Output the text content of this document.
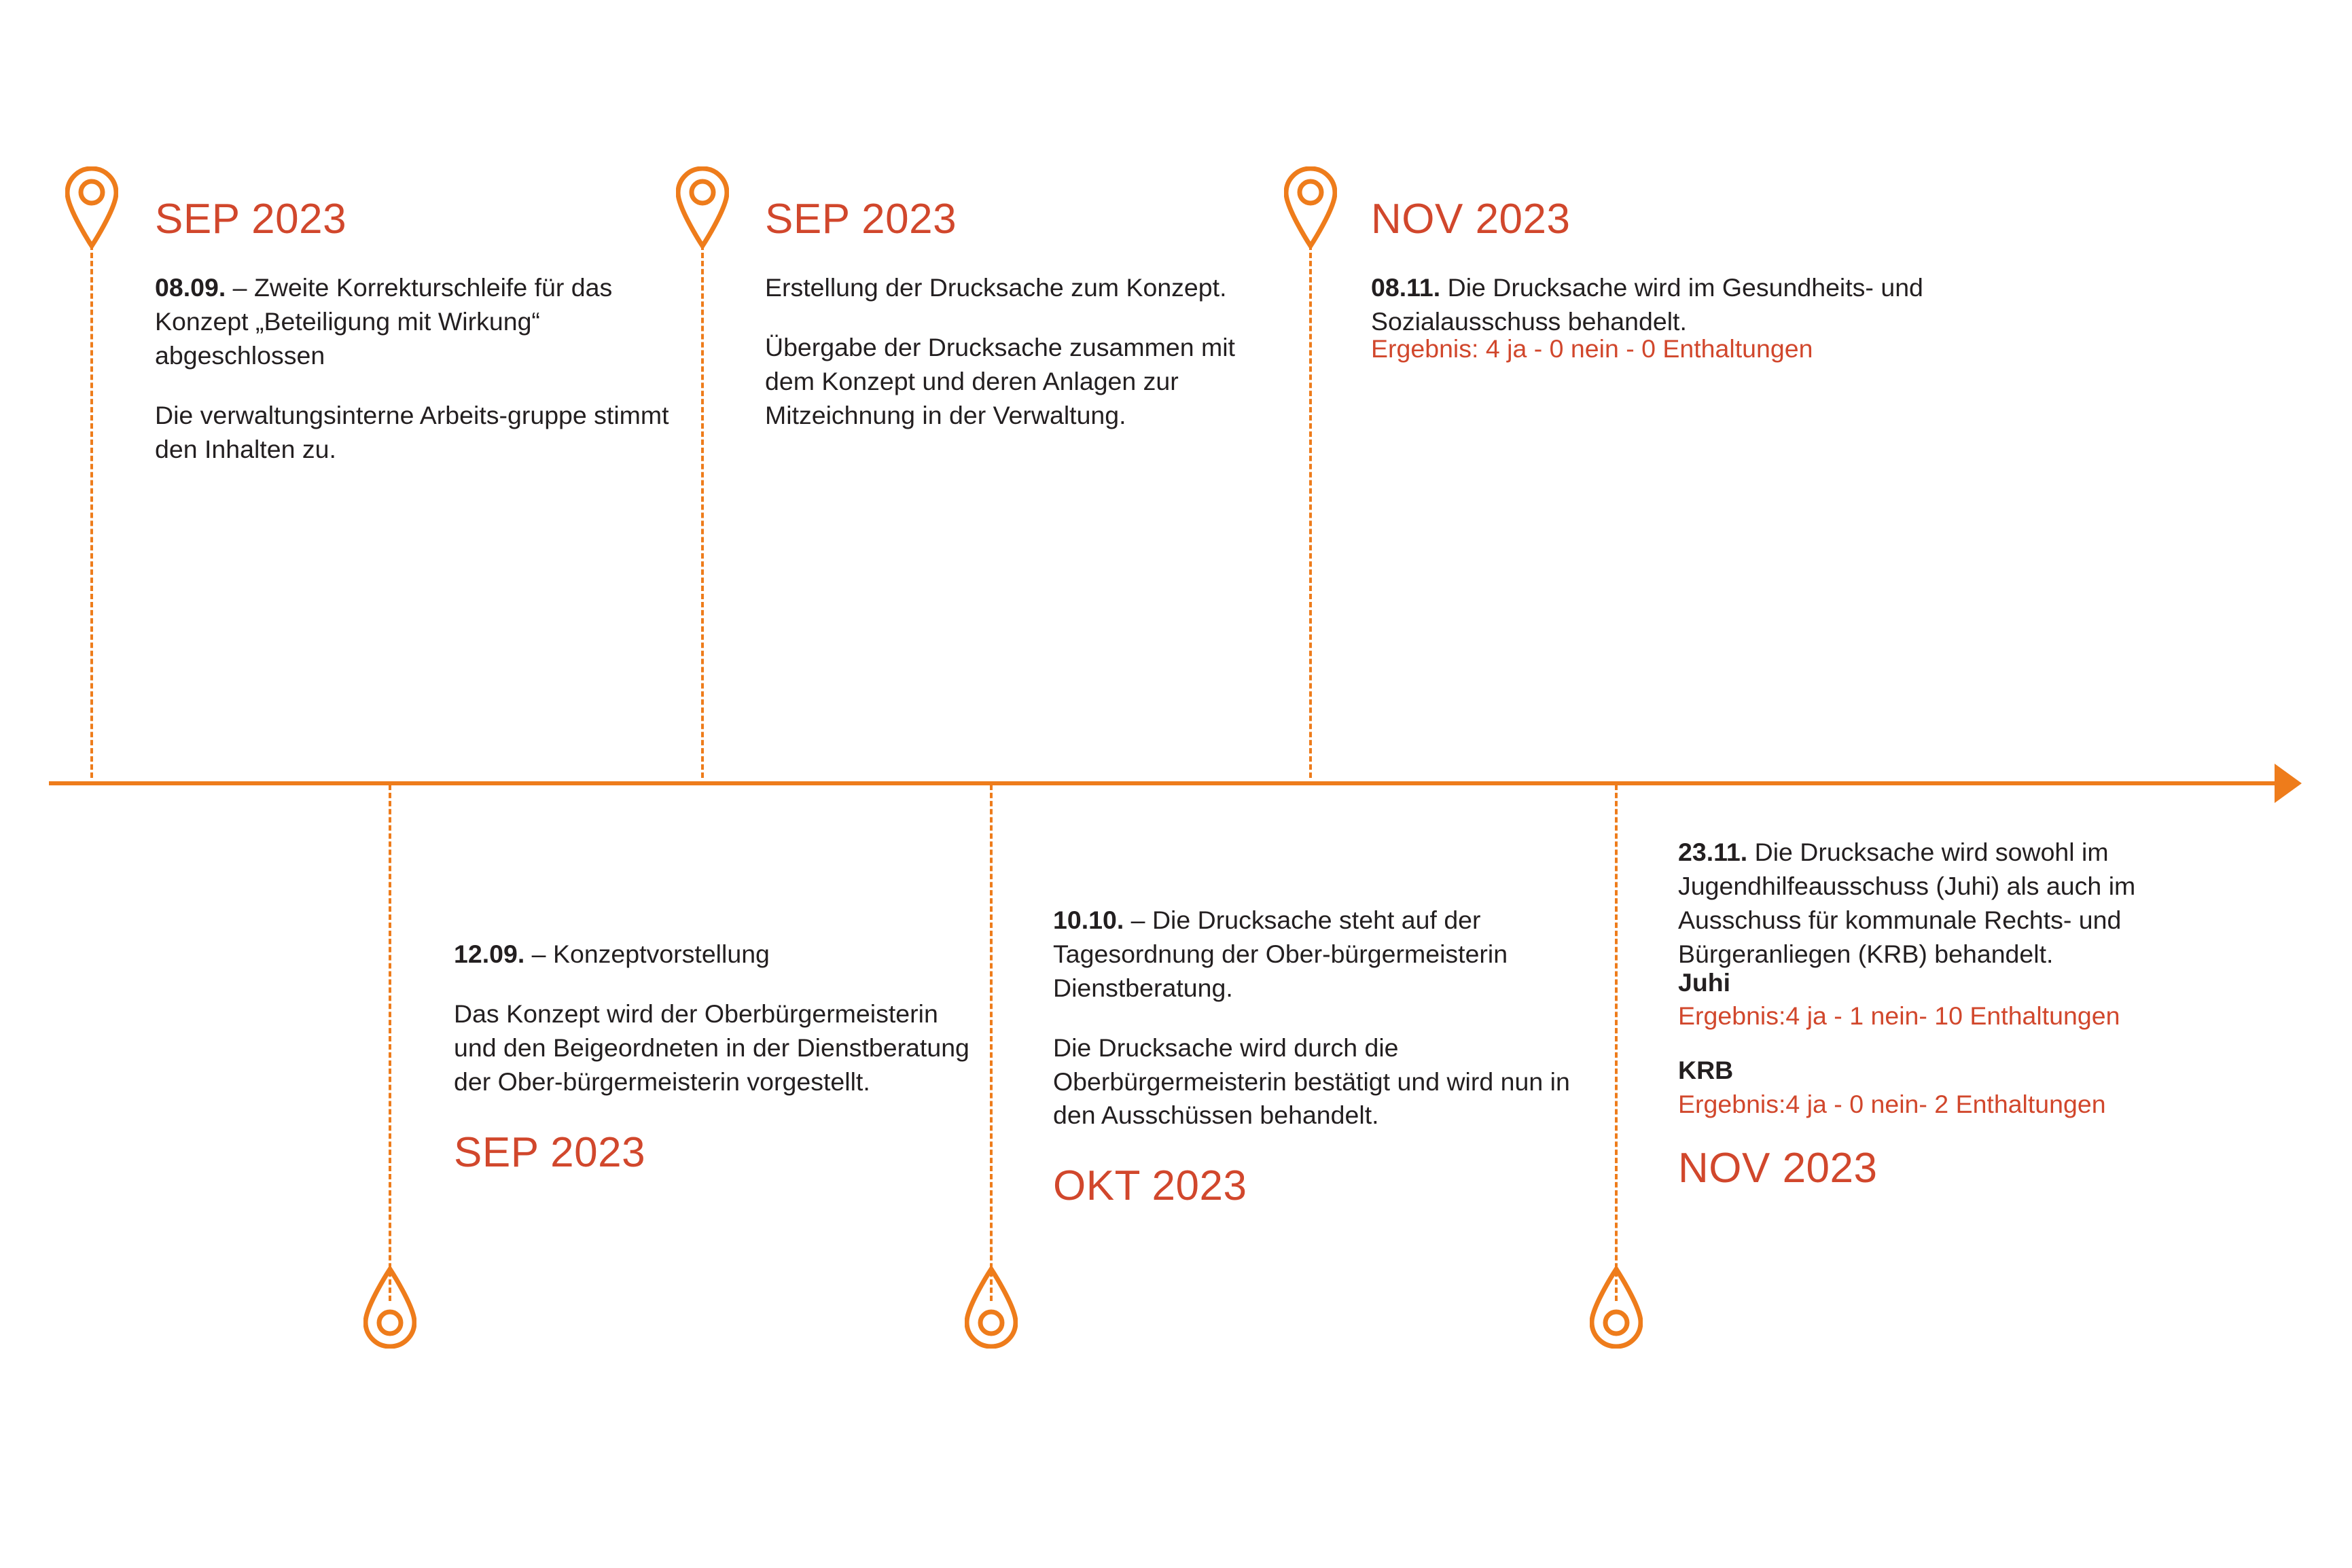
SEP 2023

08.09. – Zweite Korrekturschleife für das Konzept „Beteiligung mit Wirkung“ abgeschlossen

Die verwaltungsinterne Arbeits-gruppe stimmt den Inhalten zu.

SEP 2023

Erstellung der Drucksache zum Konzept.

Übergabe der Drucksache zusammen mit dem Konzept und deren Anlagen zur Mitzeichnung in der Verwaltung.

NOV 2023

08.11. Die Drucksache wird im Gesundheits- und Sozialausschuss behandelt.

Ergebnis: 4 ja - 0 nein - 0 Enthaltungen

12.09. – Konzeptvorstellung

Das Konzept wird der Oberbürgermeisterin und den Beigeordneten in der Dienstberatung der Ober-bürgermeisterin vorgestellt.

SEP 2023

10.10. – Die Drucksache steht auf der Tagesordnung der Ober-bürgermeisterin Dienstberatung.

Die Drucksache wird durch die Oberbürgermeisterin bestätigt und wird nun in den Ausschüssen behandelt.

OKT 2023

23.11. Die Drucksache wird sowohl im Jugendhilfeausschuss (Juhi) als auch im Ausschuss für kommunale Rechts- und Bürgeranliegen (KRB) behandelt.

Juhi
Ergebnis:4 ja - 1 nein- 10 Enthaltungen
KRB
Ergebnis:4 ja - 0 nein- 2 Enthaltungen
NOV 2023
